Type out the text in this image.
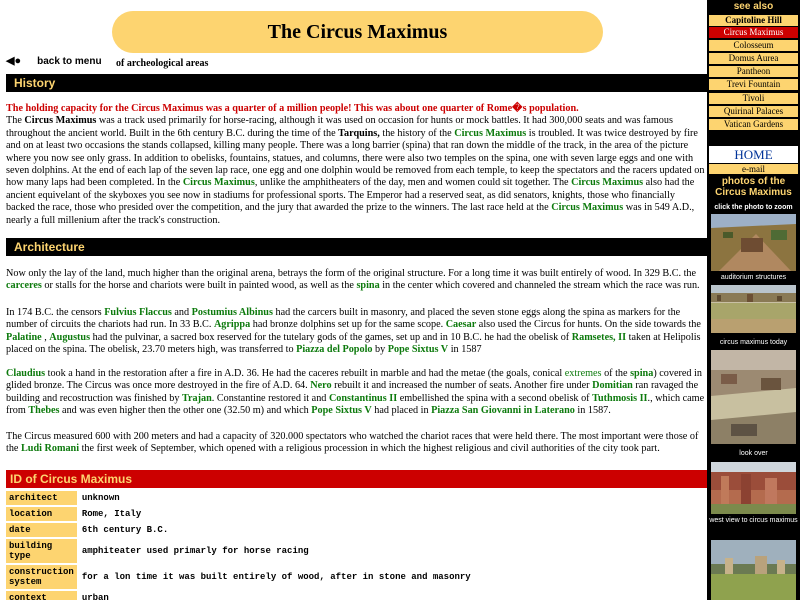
The Circus Maximus
◀● back to menu of archeological areas
History
The holding capacity for the Circus Maximus was a quarter of a million people! This was about one quarter of Rome�s population.
The Circus Maximus was a track used primarily for horse-racing, although it was used on occasion for hunts or mock battles. It had 300,000 seats and was famous throughout the ancient world. Built in the 6th century B.C. during the time of the Tarquins, the history of the Circus Maximus is troubled. It was twice destroyed by fire and on at least two occasions the stands collapsed, killing many people. There was a long barrier (spina) that ran down the middle of the track, in the area of the picture where you now see only grass. In addition to obelisks, fountains, statues, and columns, there were also two temples on the spina, one with seven large eggs and one with seven dolphins. At the end of each lap of the seven lap race, one egg and one dolphin would be removed from each temple, to keep the spectators and the racers updated on how many laps had been completed. In the Circus Maximus, unlike the amphitheaters of the day, men and women could sit together. The Circus Maximus also had the ancient equivelant of the skyboxes you see now in stadiums for professional sports. The Emperor had a reserved seat, as did senators, knights, those who financially backed the race, those who presided over the competition, and the jury that awarded the prize to the winners. The last race held at the Circus Maximus was in 549 A.D., nearly a full millenium after the track's construction.
Architecture
Now only the lay of the land, much higher than the original arena, betrays the form of the original structure. For a long time it was built entirely of wood. In 329 B.C. the carceres or stalls for the horse and chariots were built in painted wood, as well as the spina in the center which covered and channeled the stream which the race was run.
In 174 B.C. the censors Fulvius Flaccus and Postumius Albinus had the carcers built in masonry, and placed the seven stone eggs along the spina as markers for the number of circuits the chariots had run. In 33 B.C. Agrippa had bronze dolphins set up for the same scope. Caesar also used the Circus for hunts. On the side towards the Palatine , Augustus had the pulvinar, a sacred box reserved for the tutelary gods of the games, set up and in 10 B.C. he had the obelisk of Ramsetes, II taken at Helipolis placed on the spina. The obelisk, 23.70 meters high, was transferred to Piazza del Popolo by Pope Sixtus V in 1587
Claudius took a hand in the restoration after a fire in A.D. 36. He had the caceres rebuilt in marble and had the metae (the goals, conical extremes of the spina) covered in glided bronze. The Circus was once more destroyed in the fire of A.D. 64. Nero rebuilt it and increased the number of seats. Another fire under Domitian ran ravaged the building and recostruction was finished by Trajan. Constantine restored it and Constantinus II embellished the spina with a second obelisk of Tuthmosis II., which came from Thebes and was even higher then the other one (32.50 m) and which Pope Sixtus V had placed in Piazza San Giovanni in Laterano in 1587.
The Circus measured 600 with 200 meters and had a capacity of 320.000 spectators who watched the chariot races that were held there. The most important were those of the Ludi Romani the first week of September, which opened with a religious procession in which the highest religious and civil authorities of the city took part.
ID of Circus Maximus
architect	unknown
location	Rome, Italy
date	6th century B.C.
building type	amphiteater used primarly for horse racing
construction system	for a lon time it was built entirely of wood, after in stone and masonry
context	urban
see also
Capitoline Hill
Circus Maximus
Colosseum
Domus Aurea
Pantheon
Trevi Fountain
Tivoli
Quirinal Palaces
Vatican Gardens
HOME
e-mail
photos of the Circus Maximus
click the photo to zoom
auditorium structures
circus maximus today
look over
west view to circus maximus
